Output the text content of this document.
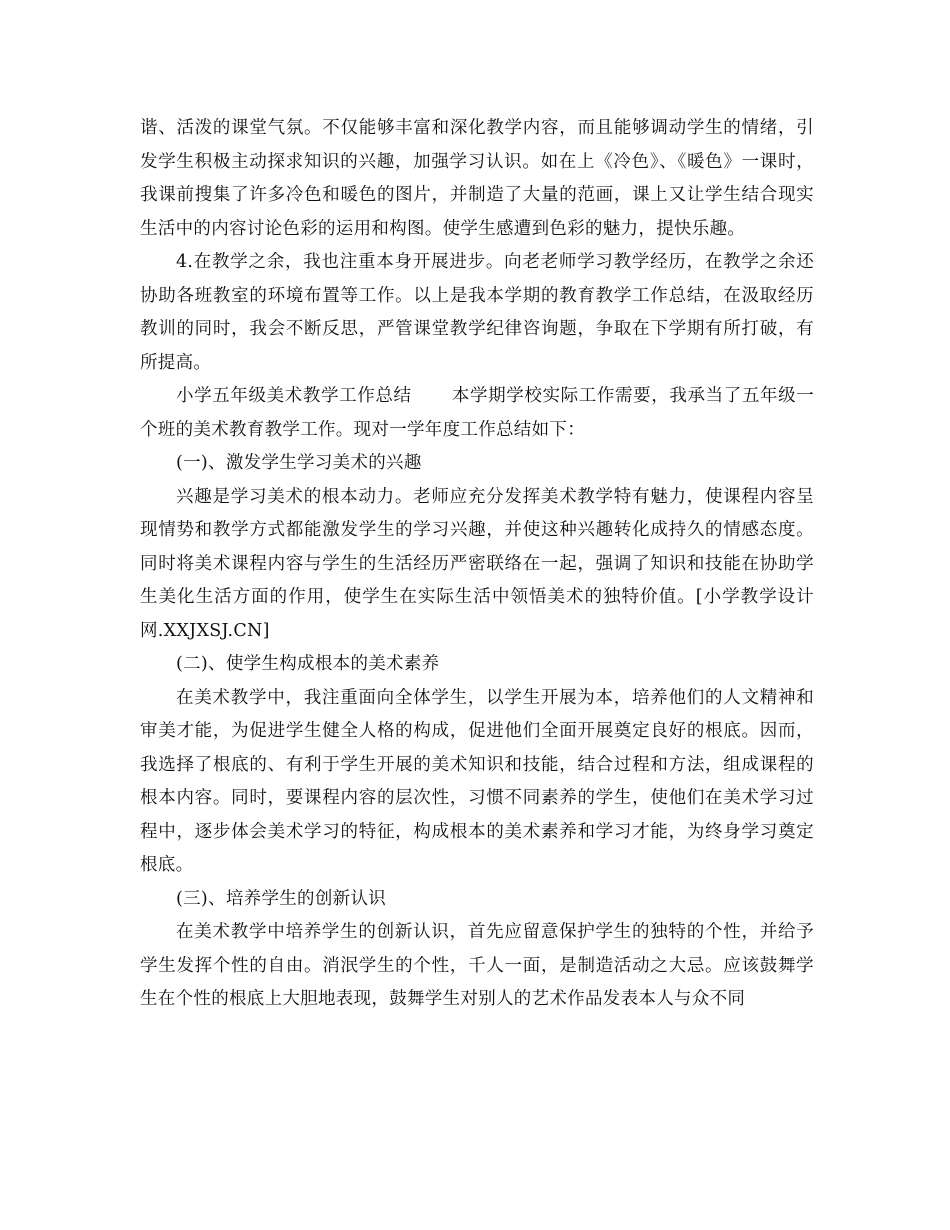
谐、活泼的课堂气氛。不仅能够丰富和深化教学内容，而且能够调动学生的情绪，引发学生积极主动探求知识的兴趣，加强学习认识。如在上《冷色》、《暖色》一课时，我课前搜集了许多冷色和暖色的图片，并制造了大量的范画，课上又让学生结合现实生活中的内容讨论色彩的运用和构图。使学生感遭到色彩的魅力，提快乐趣。

4.在教学之余，我也注重本身开展进步。向老老师学习教学经历，在教学之余还协助各班教室的环境布置等工作。以上是我本学期的教育教学工作总结，在汲取经历教训的同时，我会不断反思，严管课堂教学纪律咨询题，争取在下学期有所打破，有所提高。

小学五年级美术教学工作总结 本学期学校实际工作需要，我承当了五年级一个班的美术教育教学工作。现对一学年度工作总结如下：

(一)、激发学生学习美术的兴趣

兴趣是学习美术的根本动力。老师应充分发挥美术教学特有魅力，使课程内容呈现情势和教学方式都能激发学生的学习兴趣，并使这种兴趣转化成持久的情感态度。同时将美术课程内容与学生的生活经历严密联络在一起，强调了知识和技能在协助学生美化生活方面的作用，使学生在实际生活中领悟美术的独特价值。[小学教学设计网.XXJXSJ.CN]

(二)、使学生构成根本的美术素养

在美术教学中，我注重面向全体学生，以学生开展为本，培养他们的人文精神和审美才能，为促进学生健全人格的构成，促进他们全面开展奠定良好的根底。因而，我选择了根底的、有利于学生开展的美术知识和技能，结合过程和方法，组成课程的根本内容。同时，要课程内容的层次性，习惯不同素养的学生，使他们在美术学习过程中，逐步体会美术学习的特征，构成根本的美术素养和学习才能，为终身学习奠定根底。

(三)、培养学生的创新认识

在美术教学中培养学生的创新认识，首先应留意保护学生的独特的个性，并给予学生发挥个性的自由。消泯学生的个性，千人一面，是制造活动之大忌。应该鼓舞学生在个性的根底上大胆地表现，鼓舞学生对别人的艺术作品发表本人与众不同
